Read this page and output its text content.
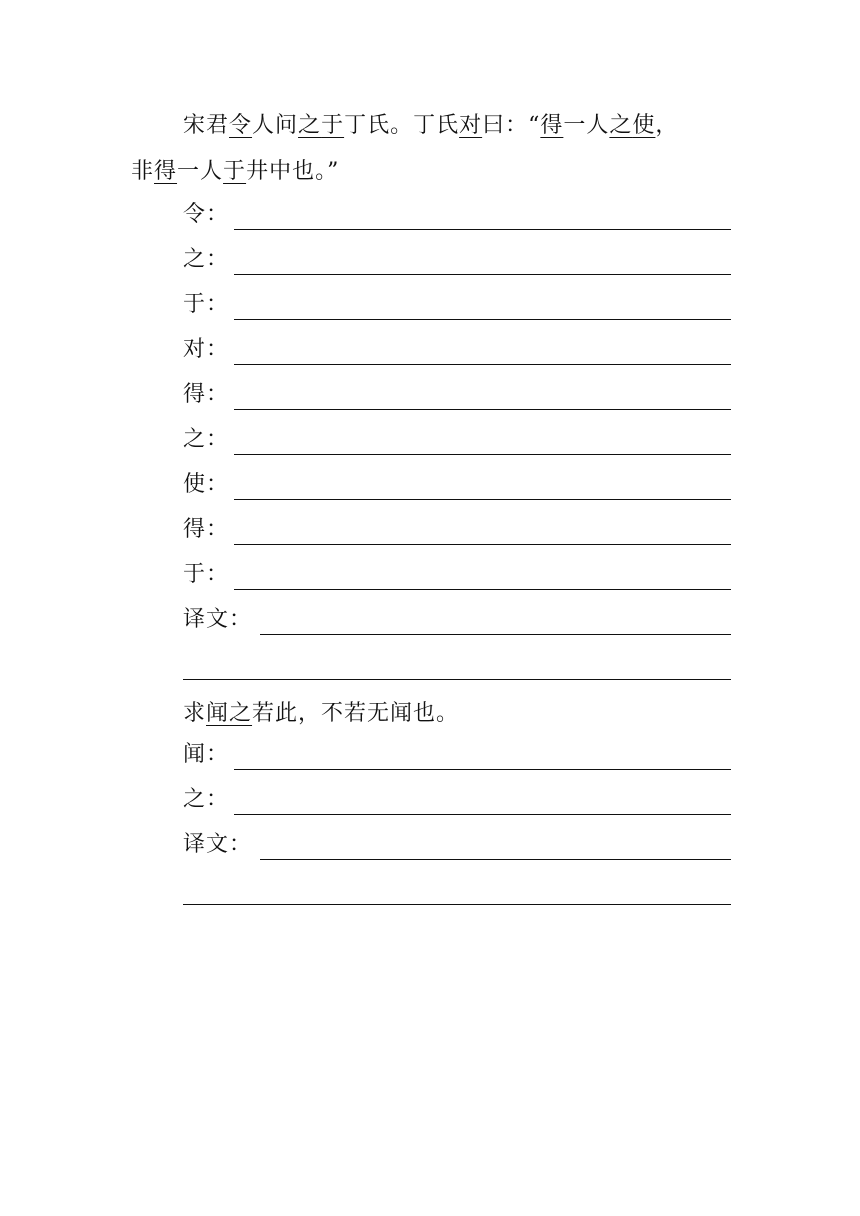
宋君令人问之于丁氏。丁氏对曰：“得一人之使，
非得一人于井中也。”
令：
之：
于：
对：
得：
之：
使：
得：
于：
译文：
求闻之若此，不若无闻也。
闻：
之：
译文：
